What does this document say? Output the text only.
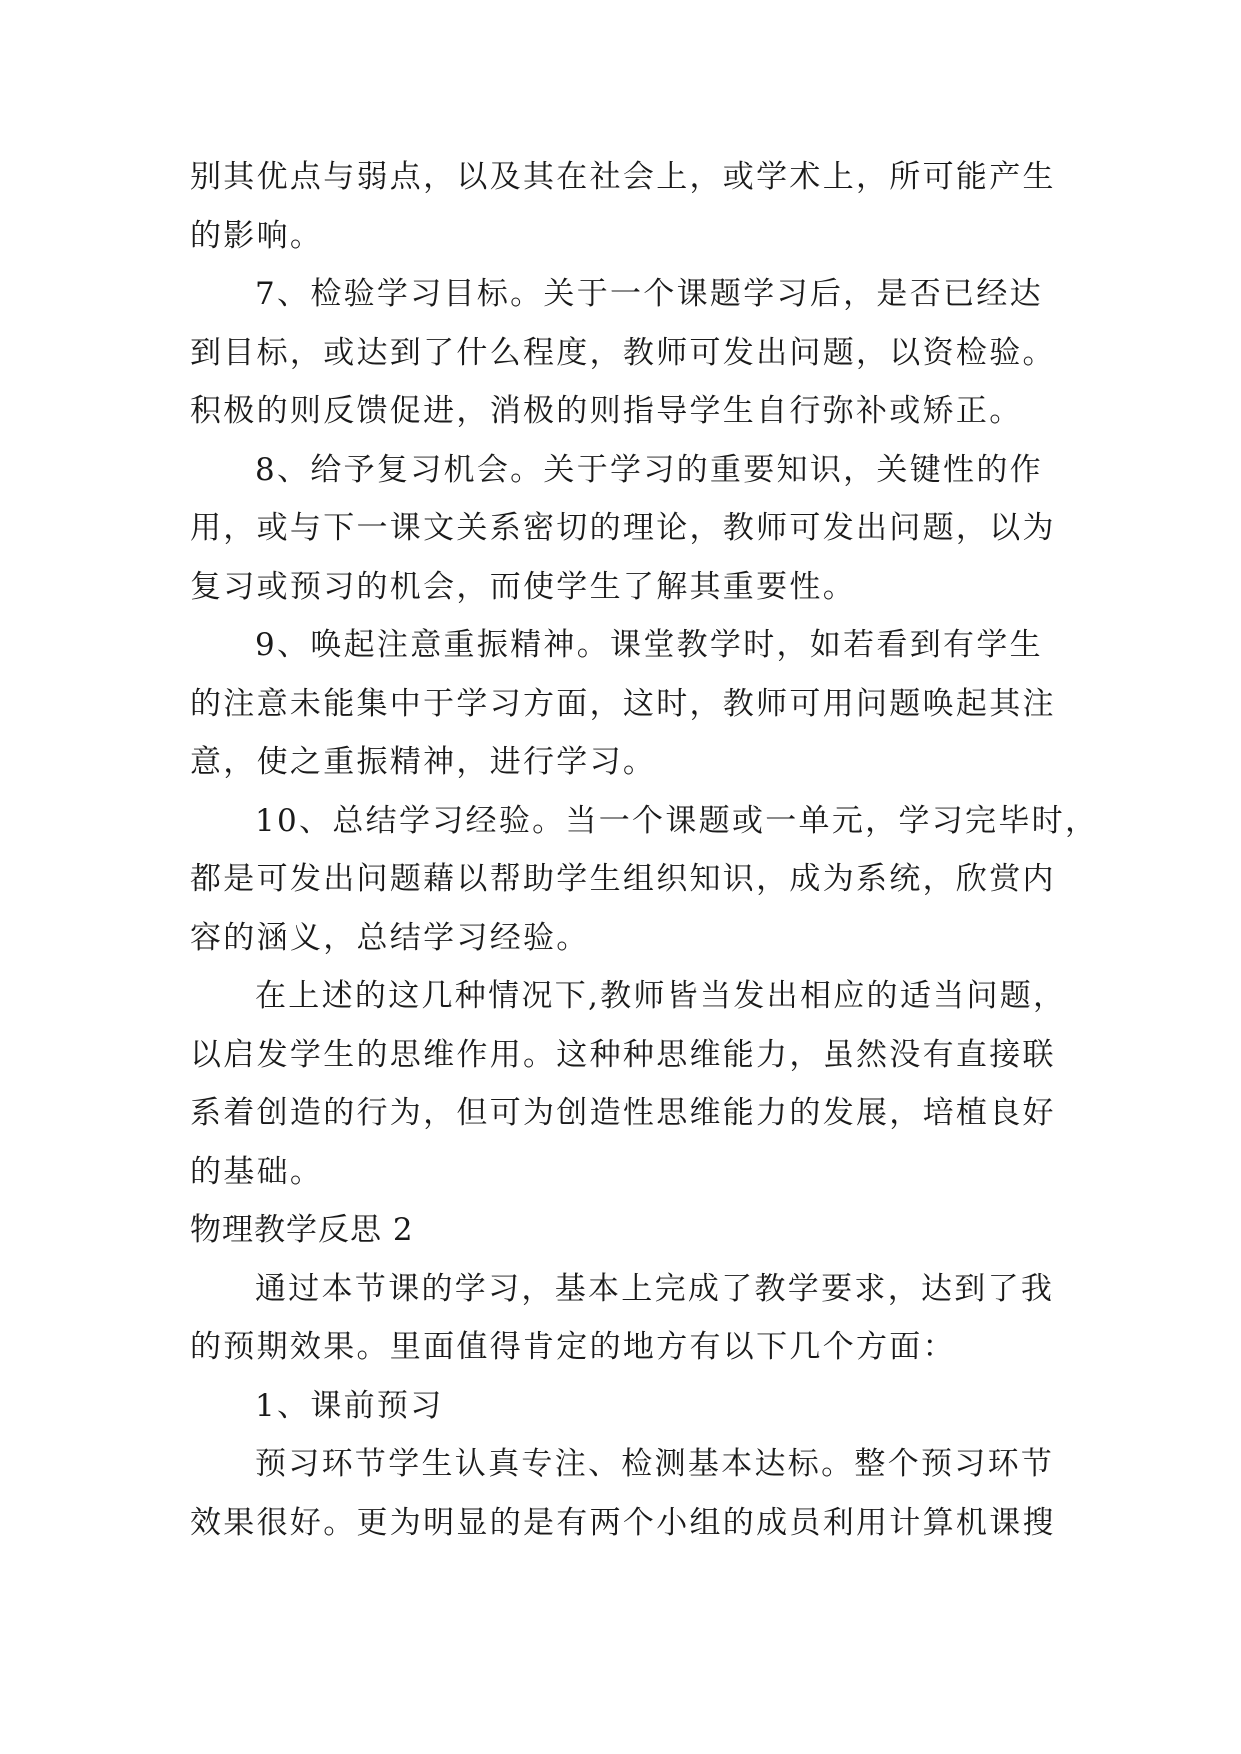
别其优点与弱点，以及其在社会上，或学术上，所可能产生
的影响。
7、检验学习目标。关于一个课题学习后，是否已经达
到目标，或达到了什么程度，教师可发出问题，以资检验。
积极的则反馈促进，消极的则指导学生自行弥补或矫正。
8、给予复习机会。关于学习的重要知识，关键性的作
用，或与下一课文关系密切的理论，教师可发出问题，以为
复习或预习的机会，而使学生了解其重要性。
9、唤起注意重振精神。课堂教学时，如若看到有学生
的注意未能集中于学习方面，这时，教师可用问题唤起其注
意，使之重振精神，进行学习。
10、总结学习经验。当一个课题或一单元，学习完毕时，
都是可发出问题藉以帮助学生组织知识，成为系统，欣赏内
容的涵义，总结学习经验。
在上述的这几种情况下,教师皆当发出相应的适当问题，
以启发学生的思维作用。这种种思维能力，虽然没有直接联
系着创造的行为，但可为创造性思维能力的发展，培植良好
的基础。
物理教学反思 2
通过本节课的学习，基本上完成了教学要求，达到了我
的预期效果。里面值得肯定的地方有以下几个方面：
1、课前预习
预习环节学生认真专注、检测基本达标。整个预习环节
效果很好。更为明显的是有两个小组的成员利用计算机课搜
